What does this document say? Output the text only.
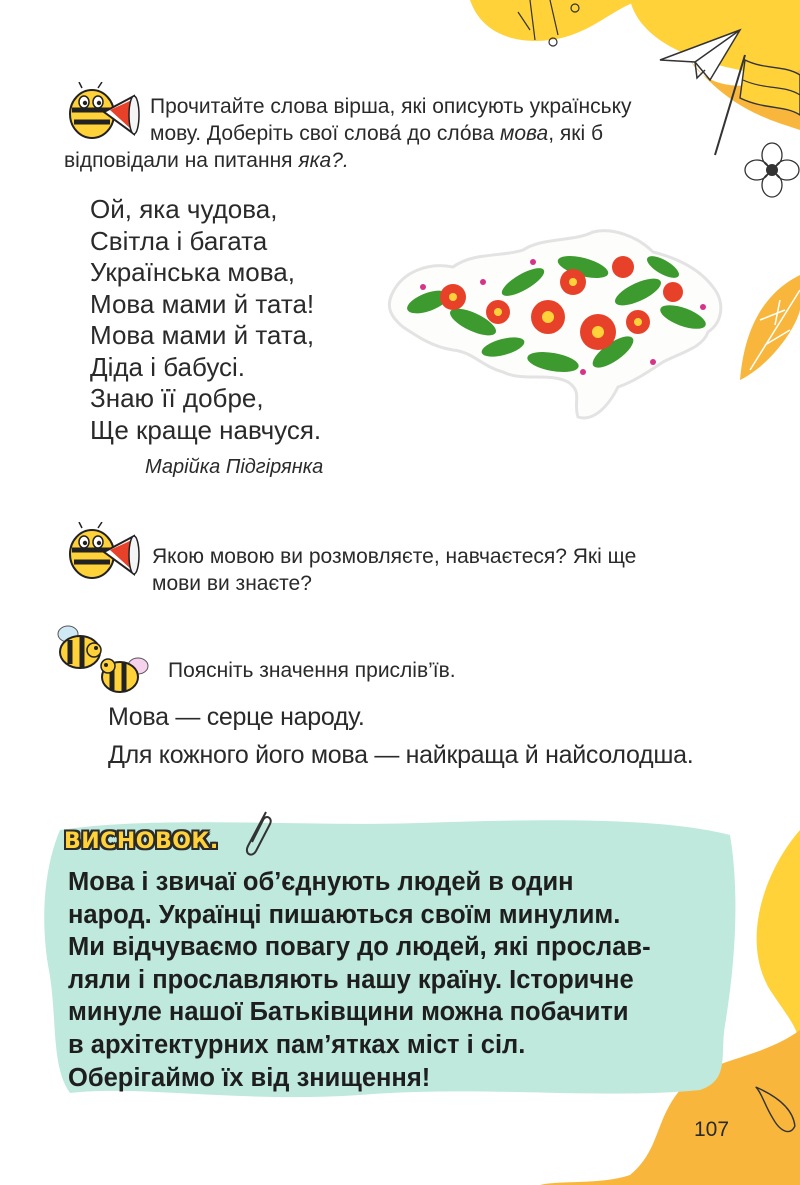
Прочитайте слова вірша, які описують українську
мову. Доберіть свої слова́ до сло́ва мова, які б
відповідали на питання яка?.
Ой, яка чудова,
Світла і багата
Українська мова,
Мова мами й тата!
Мова мами й тата,
Діда і бабусі.
Знаю її добре,
Ще краще навчуся.
Марійка Підгірянка
Якою мовою ви розмовляєте, навчаєтеся? Які ще
мови ви знаєте?
Поясніть значення прислів’їв.
Мова — серце народу.
Для кожного його мова — найкраща й найсолодша.
ВИСНОВОК.
Мова і звичаї об’єднують людей в один
народ. Українці пишаються своїм минулим.
Ми відчуваємо повагу до людей, які прослав-
ляли і прославляють нашу країну. Історичне
минуле нашої Батьківщини можна побачити
в архітектурних пам’ятках міст і сіл.
Оберігаймо їх від знищення!
107
